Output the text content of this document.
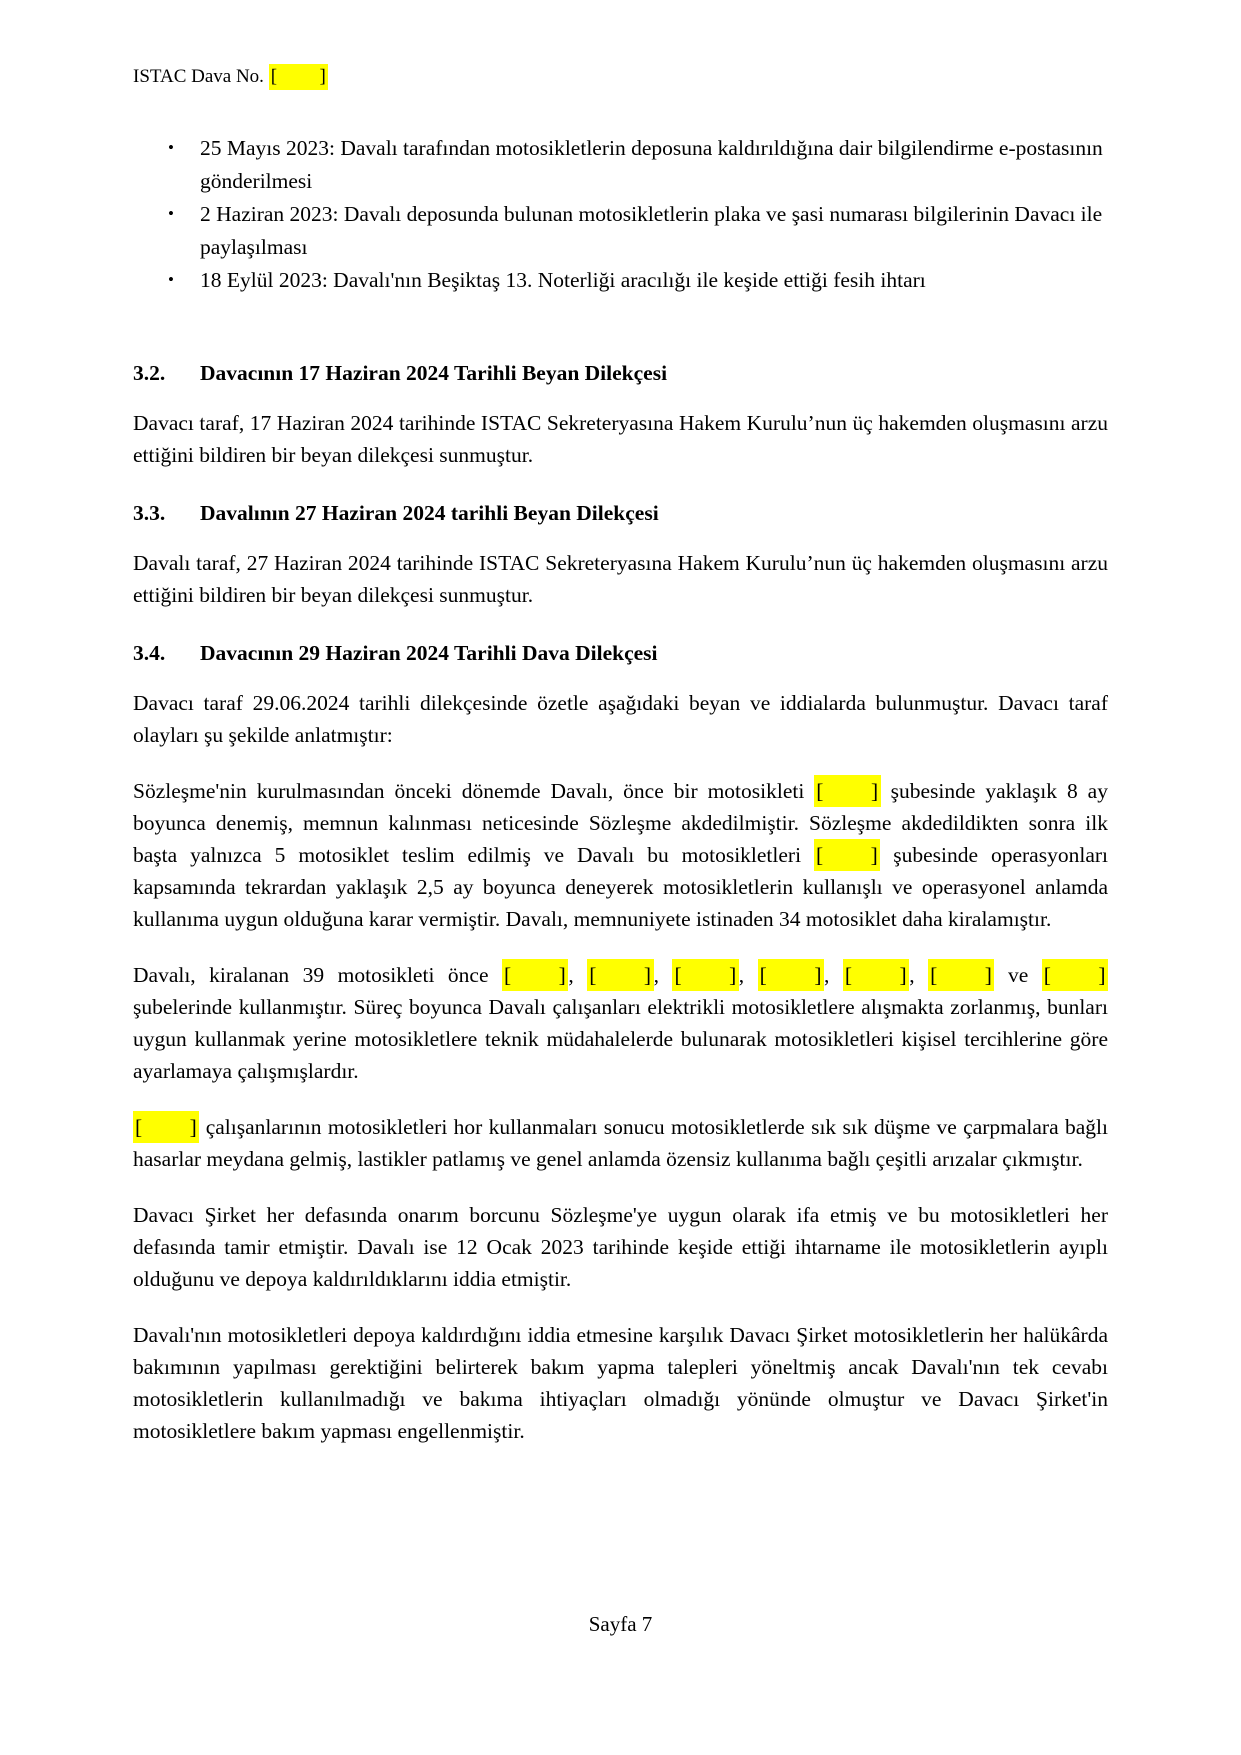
ISTAC Dava No. [        ]
• 25 Mayıs 2023: Davalı tarafından motosikletlerin deposuna kaldırıldığına dair bilgilendirme e-postasının gönderilmesi
• 2 Haziran 2023: Davalı deposunda bulunan motosikletlerin plaka ve şasi numarası bilgilerinin Davacı ile paylaşılması
• 18 Eylül 2023: Davalı'nın Beşiktaş 13. Noterliği aracılığı ile keşide ettiği fesih ihtarı
3.2. Davacının 17 Haziran 2024 Tarihli Beyan Dilekçesi

Davacı taraf, 17 Haziran 2024 tarihinde ISTAC Sekreteryasına Hakem Kurulu’nun üç hakemden oluşmasını arzu ettiğini bildiren bir beyan dilekçesi sunmuştur.

3.3. Davalının 27 Haziran 2024 tarihli Beyan Dilekçesi

Davalı taraf, 27 Haziran 2024 tarihinde ISTAC Sekreteryasına Hakem Kurulu’nun üç hakemden oluşmasını arzu ettiğini bildiren bir beyan dilekçesi sunmuştur.

3.4. Davacının 29 Haziran 2024 Tarihli Dava Dilekçesi

Davacı taraf 29.06.2024 tarihli dilekçesinde özetle aşağıdaki beyan ve iddialarda bulunmuştur. Davacı taraf olayları şu şekilde anlatmıştır:

Sözleşme'nin kurulmasından önceki dönemde Davalı, önce bir motosikleti [        ] şubesinde yaklaşık 8 ay boyunca denemiş, memnun kalınması neticesinde Sözleşme akdedilmiştir. Sözleşme akdedildikten sonra ilk başta yalnızca 5 motosiklet teslim edilmiş ve Davalı bu motosikletleri [        ] şubesinde operasyonları kapsamında tekrardan yaklaşık 2,5 ay boyunca deneyerek motosikletlerin kullanışlı ve operasyonel anlamda kullanıma uygun olduğuna karar vermiştir. Davalı, memnuniyete istinaden 34 motosiklet daha kiralamıştır.

Davalı, kiralanan 39 motosikleti önce [        ], [        ], [        ], [        ], [        ], [        ] ve [        ] şubelerinde kullanmıştır. Süreç boyunca Davalı çalışanları elektrikli motosikletlere alışmakta zorlanmış, bunları uygun kullanmak yerine motosikletlere teknik müdahalelerde bulunarak motosikletleri kişisel tercihlerine göre ayarlamaya çalışmışlardır.

[        ] çalışanlarının motosikletleri hor kullanmaları sonucu motosikletlerde sık sık düşme ve çarpmalara bağlı hasarlar meydana gelmiş, lastikler patlamış ve genel anlamda özensiz kullanıma bağlı çeşitli arızalar çıkmıştır.

Davacı Şirket her defasında onarım borcunu Sözleşme'ye uygun olarak ifa etmiş ve bu motosikletleri her defasında tamir etmiştir. Davalı ise 12 Ocak 2023 tarihinde keşide ettiği ihtarname ile motosikletlerin ayıplı olduğunu ve depoya kaldırıldıklarını iddia etmiştir.

Davalı'nın motosikletleri depoya kaldırdığını iddia etmesine karşılık Davacı Şirket motosikletlerin her halükârda bakımının yapılması gerektiğini belirterek bakım yapma talepleri yöneltmiş ancak Davalı'nın tek cevabı motosikletlerin kullanılmadığı ve bakıma ihtiyaçları olmadığı yönünde olmuştur ve Davacı Şirket'in motosikletlere bakım yapması engellenmiştir.

Sayfa 7
